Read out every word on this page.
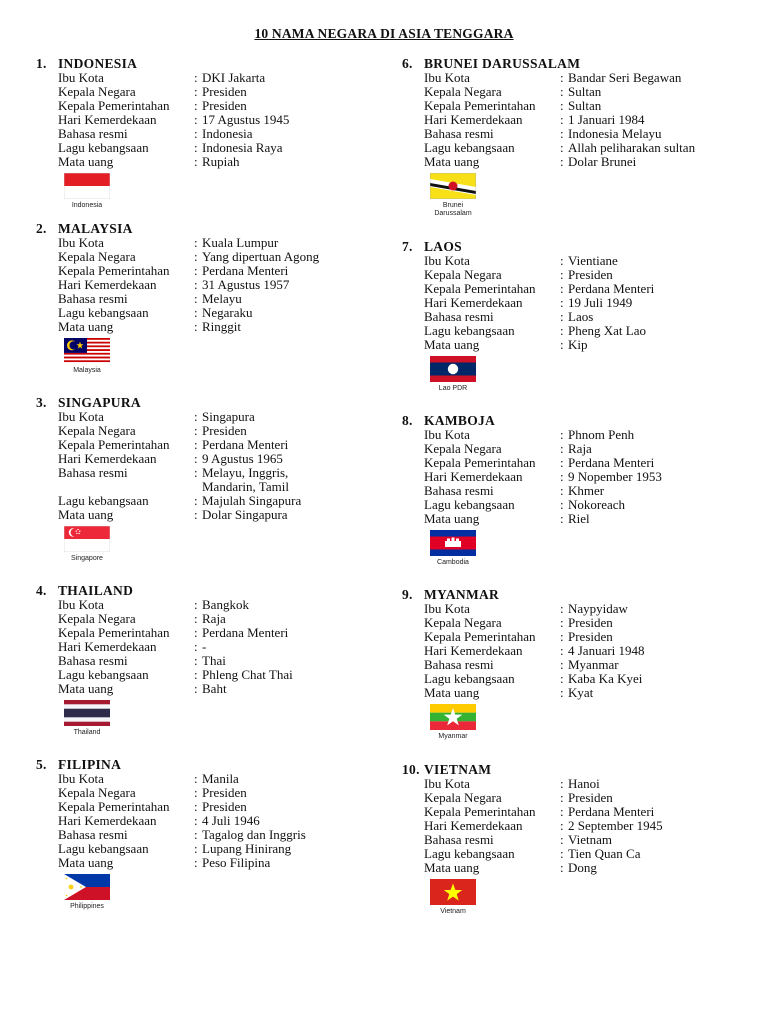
10 NAMA NEGARA DI ASIA TENGGARA
1. INDONESIA
Ibu Kota	: DKI Jakarta
Kepala Negara	: Presiden
Kepala Pemerintahan	: Presiden
Hari Kemerdekaan	: 17 Agustus 1945
Bahasa resmi	: Indonesia
Lagu kebangsaan	: Indonesia Raya
Mata uang	: Rupiah
Indonesia
2. MALAYSIA
Ibu Kota	: Kuala Lumpur
Kepala Negara	: Yang dipertuan Agong
Kepala Pemerintahan	: Perdana Menteri
Hari Kemerdekaan	: 31 Agustus 1957
Bahasa resmi	: Melayu
Lagu kebangsaan	: Negaraku
Mata uang	: Ringgit
Malaysia
3. SINGAPURA
Ibu Kota	: Singapura
Kepala Negara	: Presiden
Kepala Pemerintahan	: Perdana Menteri
Hari Kemerdekaan	: 9 Agustus 1965
Bahasa resmi	: Melayu, Inggris,
Mandarin, Tamil
Lagu kebangsaan	: Majulah Singapura
Mata uang	: Dolar Singapura
Singapore
4. THAILAND
Ibu Kota	: Bangkok
Kepala Negara	: Raja
Kepala Pemerintahan	: Perdana Menteri
Hari Kemerdekaan	: -
Bahasa resmi	: Thai
Lagu kebangsaan	: Phleng Chat Thai
Mata uang	: Baht
Thailand
5. FILIPINA
Ibu Kota	: Manila
Kepala Negara	: Presiden
Kepala Pemerintahan	: Presiden
Hari Kemerdekaan	: 4 Juli 1946
Bahasa resmi	: Tagalog dan Inggris
Lagu kebangsaan	: Lupang Hinirang
Mata uang	: Peso Filipina
Philippines
6. BRUNEI DARUSSALAM
Ibu Kota	: Bandar Seri Begawan
Kepala Negara	: Sultan
Kepala Pemerintahan	: Sultan
Hari Kemerdekaan	: 1 Januari 1984
Bahasa resmi	: Indonesia Melayu
Lagu kebangsaan	: Allah peliharakan sultan
Mata uang	: Dolar Brunei
Brunei
Darussalam
7. LAOS
Ibu Kota	: Vientiane
Kepala Negara	: Presiden
Kepala Pemerintahan	: Perdana Menteri
Hari Kemerdekaan	: 19 Juli 1949
Bahasa resmi	: Laos
Lagu kebangsaan	: Pheng Xat Lao
Mata uang	: Kip
Lao PDR
8. KAMBOJA
Ibu Kota	: Phnom Penh
Kepala Negara	: Raja
Kepala Pemerintahan	: Perdana Menteri
Hari Kemerdekaan	: 9 Nopember 1953
Bahasa resmi	: Khmer
Lagu kebangsaan	: Nokoreach
Mata uang	: Riel
Cambodia
9. MYANMAR
Ibu Kota	: Naypyidaw
Kepala Negara	: Presiden
Kepala Pemerintahan	: Presiden
Hari Kemerdekaan	: 4 Januari 1948
Bahasa resmi	: Myanmar
Lagu kebangsaan	: Kaba Ka Kyei
Mata uang	: Kyat
Myanmar
10. VIETNAM
Ibu Kota	: Hanoi
Kepala Negara	: Presiden
Kepala Pemerintahan	: Perdana Menteri
Hari Kemerdekaan	: 2 September 1945
Bahasa resmi	: Vietnam
Lagu kebangsaan	: Tien Quan Ca
Mata uang	: Dong
Vietnam
